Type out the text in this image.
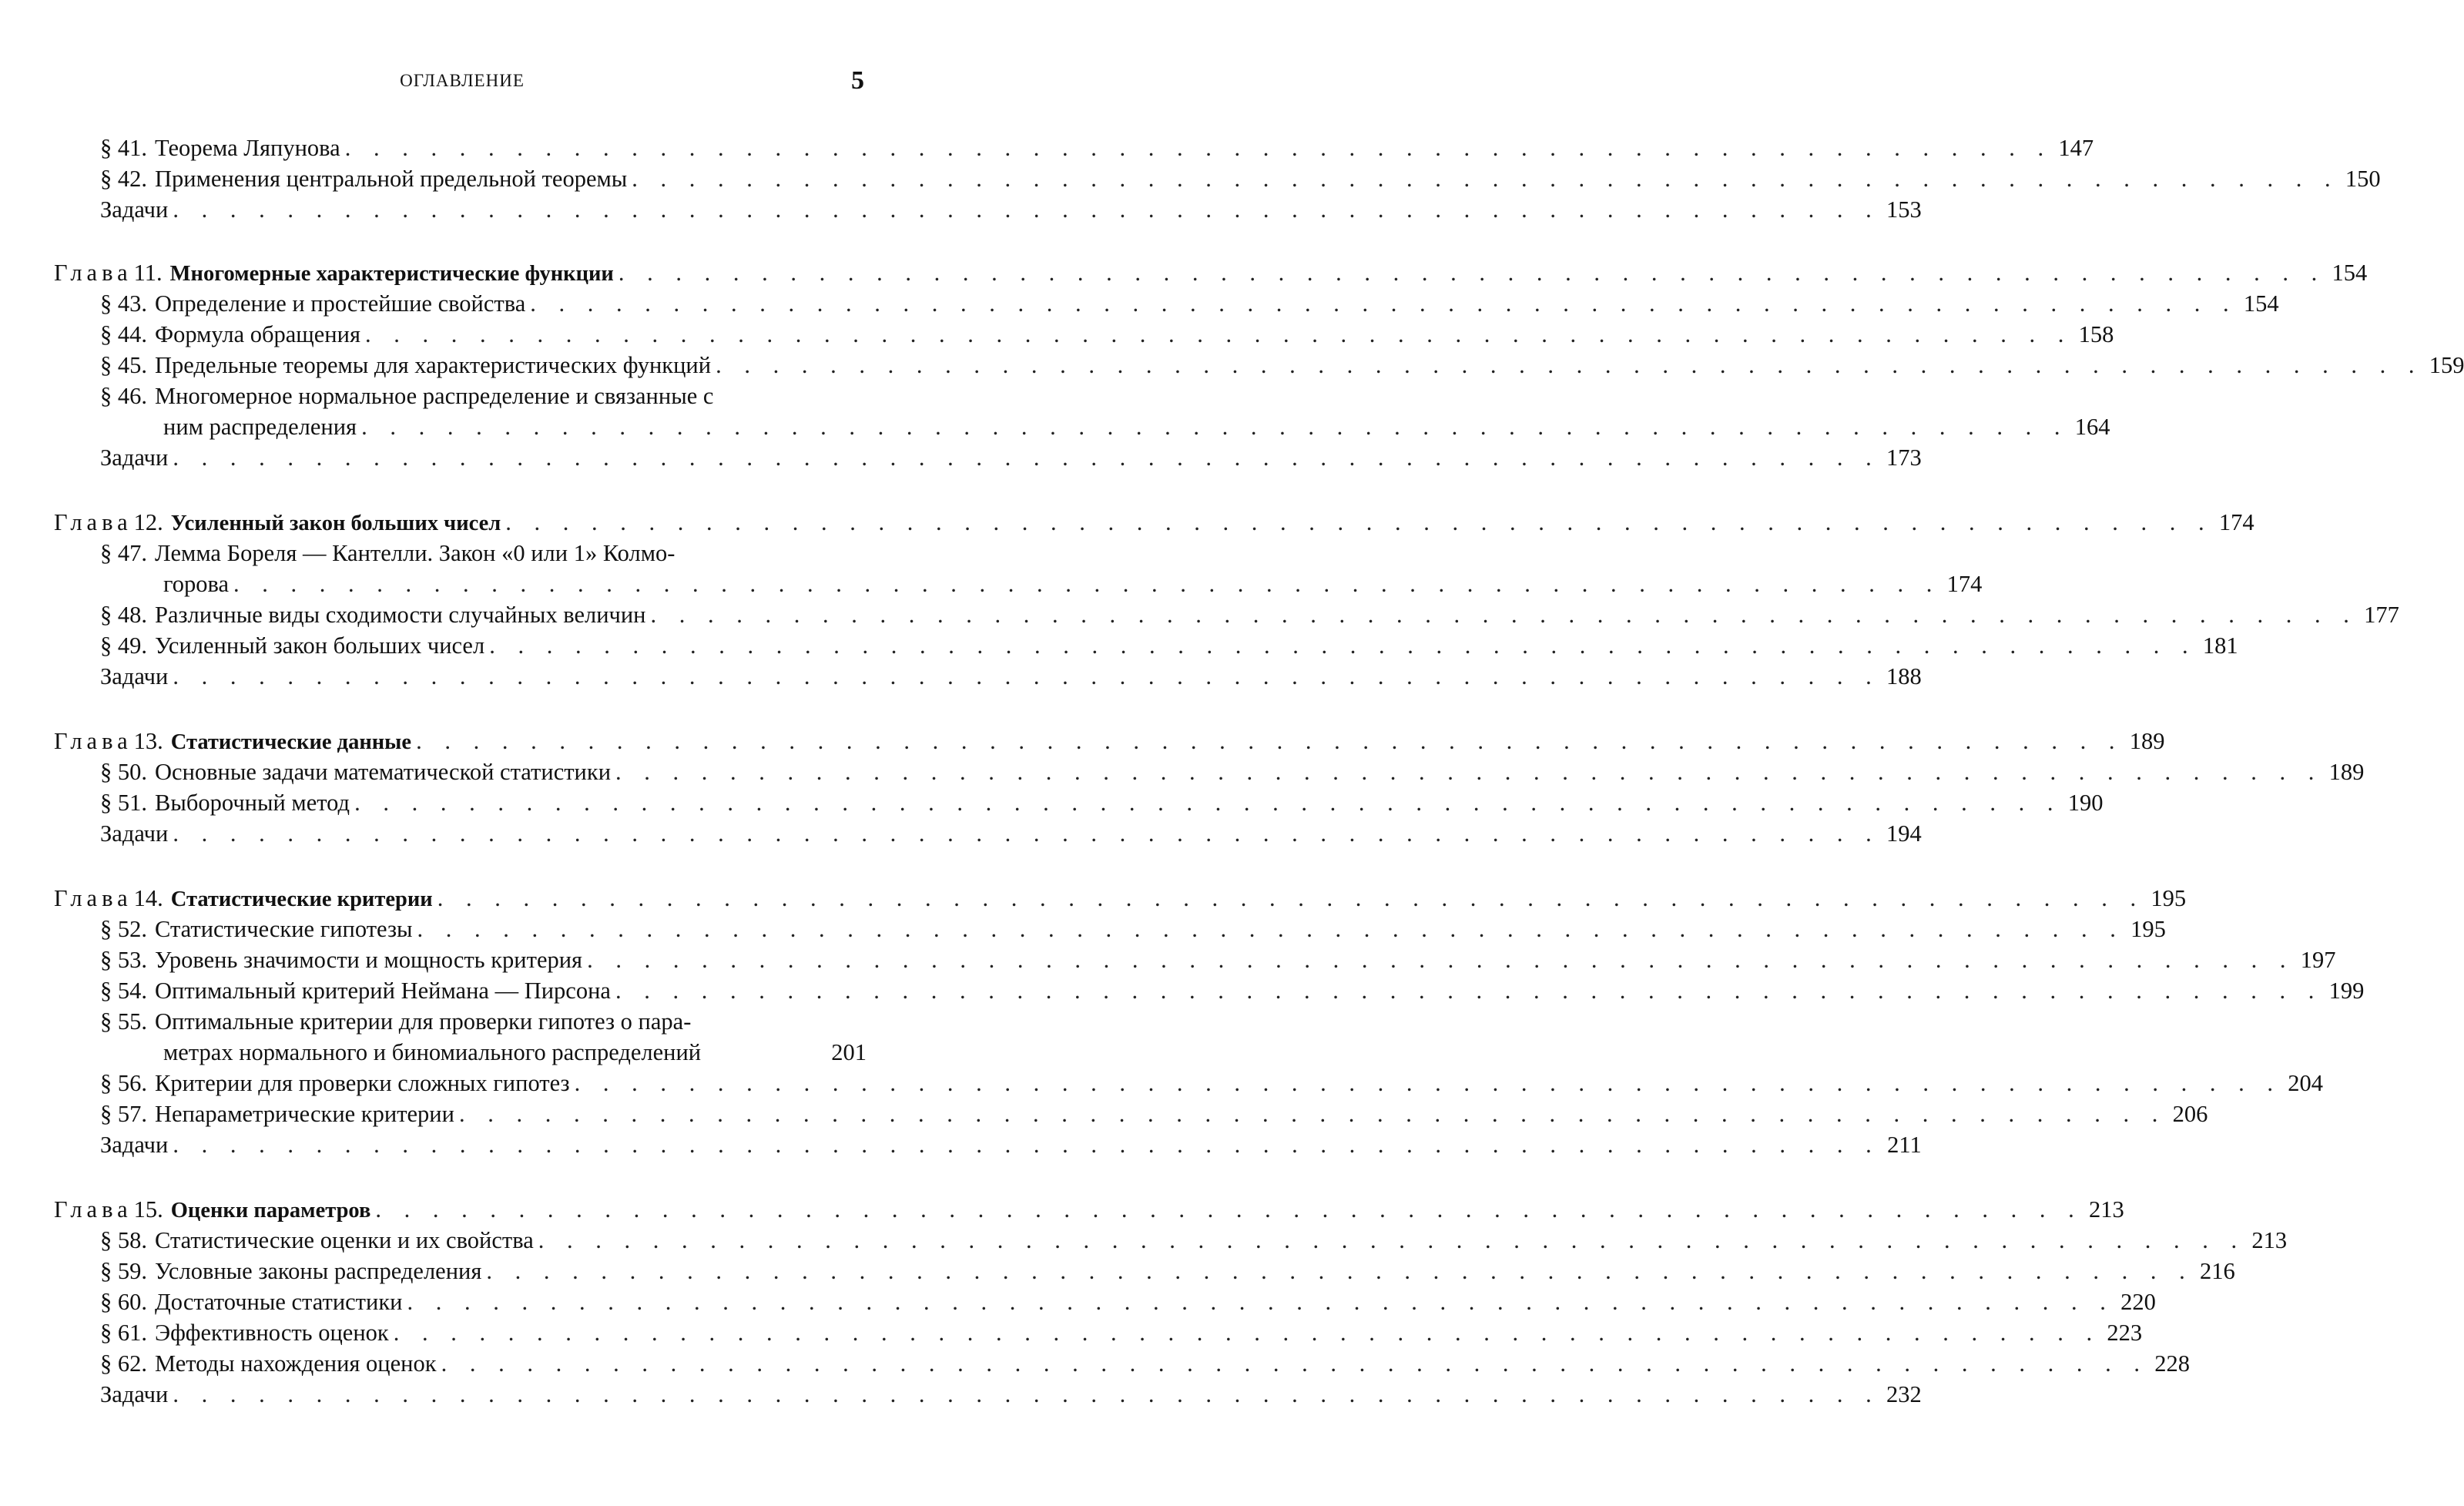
ОГЛАВЛЕНИЕ	5
§ 41. Теорема Ляпунова . . . . . . . . . . . . . . . . . . . . . . . . . . . . . . . . . . . . . . . . . . . . . . . . . . . . . . . . . . . . 147
§ 42. Применения центральной предельной теоремы . . . . . . . . . . . . . . . . . . . . . . . . . . . . . . . . . . . . . . . . . . . . . . . . . . . . . . . . . . . . 150
Задачи . . . . . . . . . . . . . . . . . . . . . . . . . . . . . . . . . . . . . . . . . . . . . . . . . . . . . . . . . . . . 153
Глава11. Многомерные характеристические функции . . . . . . . . . . . . . . . . . . . . . . . . . . . . . . . . . . . . . . . . . . . . . . . . . . . . . . . . . . . . 154
§ 43. Определение и простейшие свойства . . . . . . . . . . . . . . . . . . . . . . . . . . . . . . . . . . . . . . . . . . . . . . . . . . . . . . . . . . . . 154
§ 44. Формула обращения . . . . . . . . . . . . . . . . . . . . . . . . . . . . . . . . . . . . . . . . . . . . . . . . . . . . . . . . . . . . 158
§ 45. Предельные теоремы для характеристических функций . . . . . . . . . . . . . . . . . . . . . . . . . . . . . . . . . . . . . . . . . . . . . . . . . . . . . . . . . . . . 159
§ 46. Многомерное нормальное распределение и связанные с
ним распределения . . . . . . . . . . . . . . . . . . . . . . . . . . . . . . . . . . . . . . . . . . . . . . . . . . . . . . . . . . . . 164
Задачи . . . . . . . . . . . . . . . . . . . . . . . . . . . . . . . . . . . . . . . . . . . . . . . . . . . . . . . . . . . . 173
Глава12. Усиленный закон больших чисел . . . . . . . . . . . . . . . . . . . . . . . . . . . . . . . . . . . . . . . . . . . . . . . . . . . . . . . . . . . . 174
§ 47. Лемма Бореля — Кантелли. Закон «0 или 1» Колмо-
горова . . . . . . . . . . . . . . . . . . . . . . . . . . . . . . . . . . . . . . . . . . . . . . . . . . . . . . . . . . . . 174
§ 48. Различные виды сходимости случайных величин . . . . . . . . . . . . . . . . . . . . . . . . . . . . . . . . . . . . . . . . . . . . . . . . . . . . . . . . . . . . 177
§ 49. Усиленный закон больших чисел . . . . . . . . . . . . . . . . . . . . . . . . . . . . . . . . . . . . . . . . . . . . . . . . . . . . . . . . . . . . 181
Задачи . . . . . . . . . . . . . . . . . . . . . . . . . . . . . . . . . . . . . . . . . . . . . . . . . . . . . . . . . . . . 188
Глава13. Статистические данные . . . . . . . . . . . . . . . . . . . . . . . . . . . . . . . . . . . . . . . . . . . . . . . . . . . . . . . . . . . . 189
§ 50. Основные задачи математической статистики . . . . . . . . . . . . . . . . . . . . . . . . . . . . . . . . . . . . . . . . . . . . . . . . . . . . . . . . . . . . 189
§ 51. Выборочный метод . . . . . . . . . . . . . . . . . . . . . . . . . . . . . . . . . . . . . . . . . . . . . . . . . . . . . . . . . . . . 190
Задачи . . . . . . . . . . . . . . . . . . . . . . . . . . . . . . . . . . . . . . . . . . . . . . . . . . . . . . . . . . . . 194
Глава14. Статистические критерии . . . . . . . . . . . . . . . . . . . . . . . . . . . . . . . . . . . . . . . . . . . . . . . . . . . . . . . . . . . . 195
§ 52. Статистические гипотезы . . . . . . . . . . . . . . . . . . . . . . . . . . . . . . . . . . . . . . . . . . . . . . . . . . . . . . . . . . . . 195
§ 53. Уровень значимости и мощность критерия . . . . . . . . . . . . . . . . . . . . . . . . . . . . . . . . . . . . . . . . . . . . . . . . . . . . . . . . . . . . 197
§ 54. Оптимальный критерий Неймана — Пирсона . . . . . . . . . . . . . . . . . . . . . . . . . . . . . . . . . . . . . . . . . . . . . . . . . . . . . . . . . . . . 199
§ 55. Оптимальные критерии для проверки гипотез о пара-
метрах нормального и биномиального распределений	201
§ 56. Критерии для проверки сложных гипотез . . . . . . . . . . . . . . . . . . . . . . . . . . . . . . . . . . . . . . . . . . . . . . . . . . . . . . . . . . . . 204
§ 57. Непараметрические критерии . . . . . . . . . . . . . . . . . . . . . . . . . . . . . . . . . . . . . . . . . . . . . . . . . . . . . . . . . . . . 206
Задачи . . . . . . . . . . . . . . . . . . . . . . . . . . . . . . . . . . . . . . . . . . . . . . . . . . . . . . . . . . . . 211
Глава15. Оценки параметров . . . . . . . . . . . . . . . . . . . . . . . . . . . . . . . . . . . . . . . . . . . . . . . . . . . . . . . . . . . . 213
§ 58. Статистические оценки и их свойства . . . . . . . . . . . . . . . . . . . . . . . . . . . . . . . . . . . . . . . . . . . . . . . . . . . . . . . . . . . . 213
§ 59. Условные законы распределения . . . . . . . . . . . . . . . . . . . . . . . . . . . . . . . . . . . . . . . . . . . . . . . . . . . . . . . . . . . . 216
§ 60. Достаточные статистики . . . . . . . . . . . . . . . . . . . . . . . . . . . . . . . . . . . . . . . . . . . . . . . . . . . . . . . . . . . . 220
§ 61. Эффективность оценок . . . . . . . . . . . . . . . . . . . . . . . . . . . . . . . . . . . . . . . . . . . . . . . . . . . . . . . . . . . . 223
§ 62. Методы нахождения оценок . . . . . . . . . . . . . . . . . . . . . . . . . . . . . . . . . . . . . . . . . . . . . . . . . . . . . . . . . . . . 228
Задачи . . . . . . . . . . . . . . . . . . . . . . . . . . . . . . . . . . . . . . . . . . . . . . . . . . . . . . . . . . . . 232
